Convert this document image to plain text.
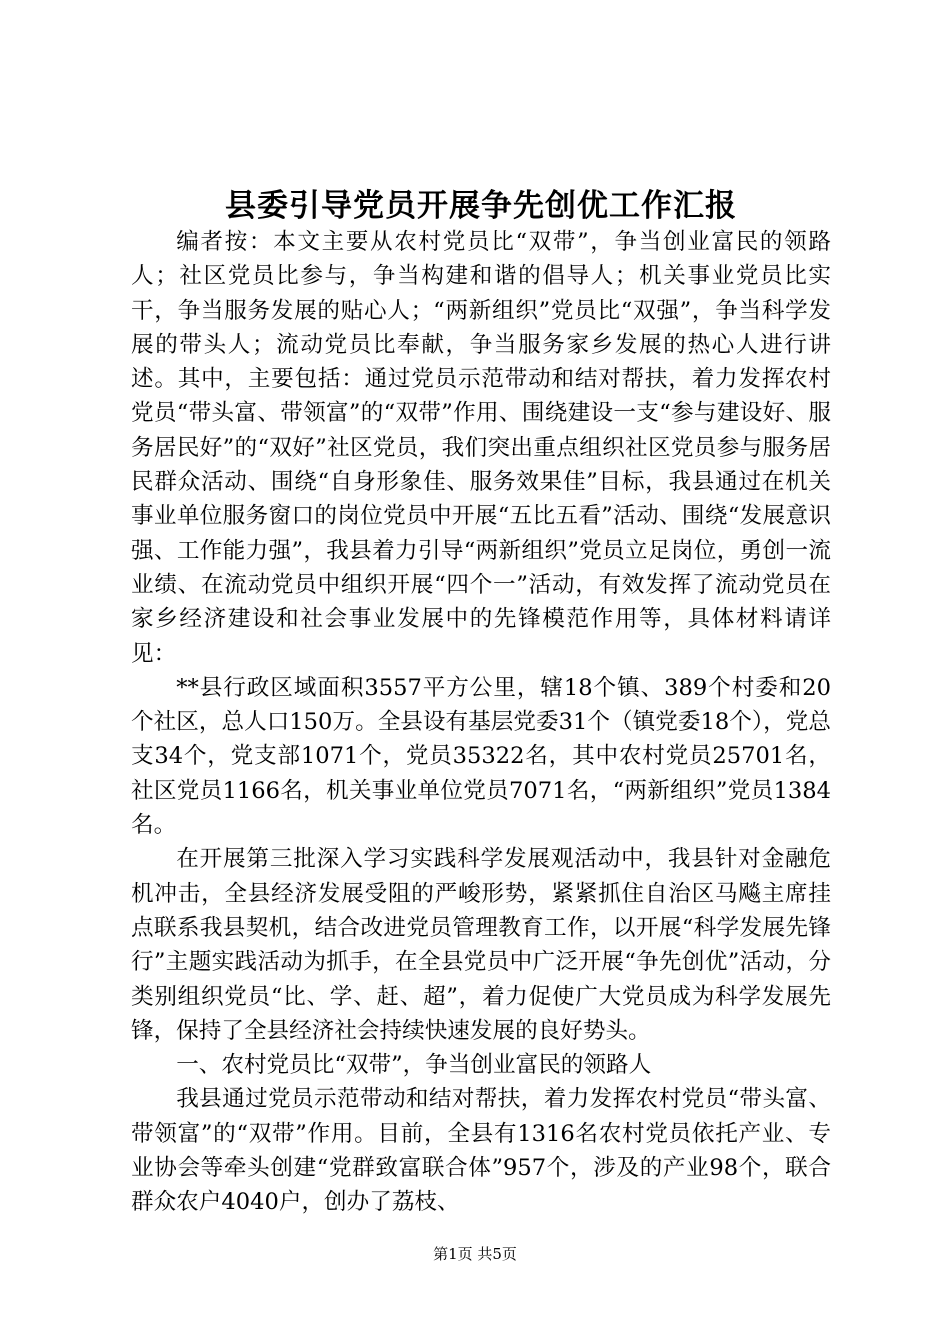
县委引导党员开展争先创优工作汇报

编者按：本文主要从农村党员比“双带”，争当创业富民的领路人；社区党员比参与，争当构建和谐的倡导人；机关事业党员比实干，争当服务发展的贴心人；“两新组织”党员比“双强”，争当科学发展的带头人；流动党员比奉献，争当服务家乡发展的热心人进行讲述。其中，主要包括：通过党员示范带动和结对帮扶，着力发挥农村党员“带头富、带领富”的“双带”作用、围绕建设一支“参与建设好、服务居民好”的“双好”社区党员，我们突出重点组织社区党员参与服务居民群众活动、围绕“自身形象佳、服务效果佳”目标，我县通过在机关事业单位服务窗口的岗位党员中开展“五比五看”活动、围绕“发展意识强、工作能力强”，我县着力引导“两新组织”党员立足岗位，勇创一流业绩、在流动党员中组织开展“四个一”活动，有效发挥了流动党员在家乡经济建设和社会事业发展中的先锋模范作用等，具体材料请详见：

**县行政区域面积3557平方公里，辖18个镇、389个村委和20个社区，总人口150万。全县设有基层党委31个（镇党委18个），党总支34个，党支部1071个，党员35322名，其中农村党员25701名，社区党员1166名，机关事业单位党员7071名，“两新组织”党员1384名。

在开展第三批深入学习实践科学发展观活动中，我县针对金融危机冲击，全县经济发展受阻的严峻形势，紧紧抓住自治区马飚主席挂点联系我县契机，结合改进党员管理教育工作，以开展“科学发展先锋行”主题实践活动为抓手，在全县党员中广泛开展“争先创优”活动，分类别组织党员“比、学、赶、超”，着力促使广大党员成为科学发展先锋，保持了全县经济社会持续快速发展的良好势头。

一、农村党员比“双带”，争当创业富民的领路人

我县通过党员示范带动和结对帮扶，着力发挥农村党员“带头富、带领富”的“双带”作用。目前，全县有1316名农村党员依托产业、专业协会等牵头创建“党群致富联合体”957个，涉及的产业98个，联合群众农户4040户，创办了荔枝、

第1页 共5页
